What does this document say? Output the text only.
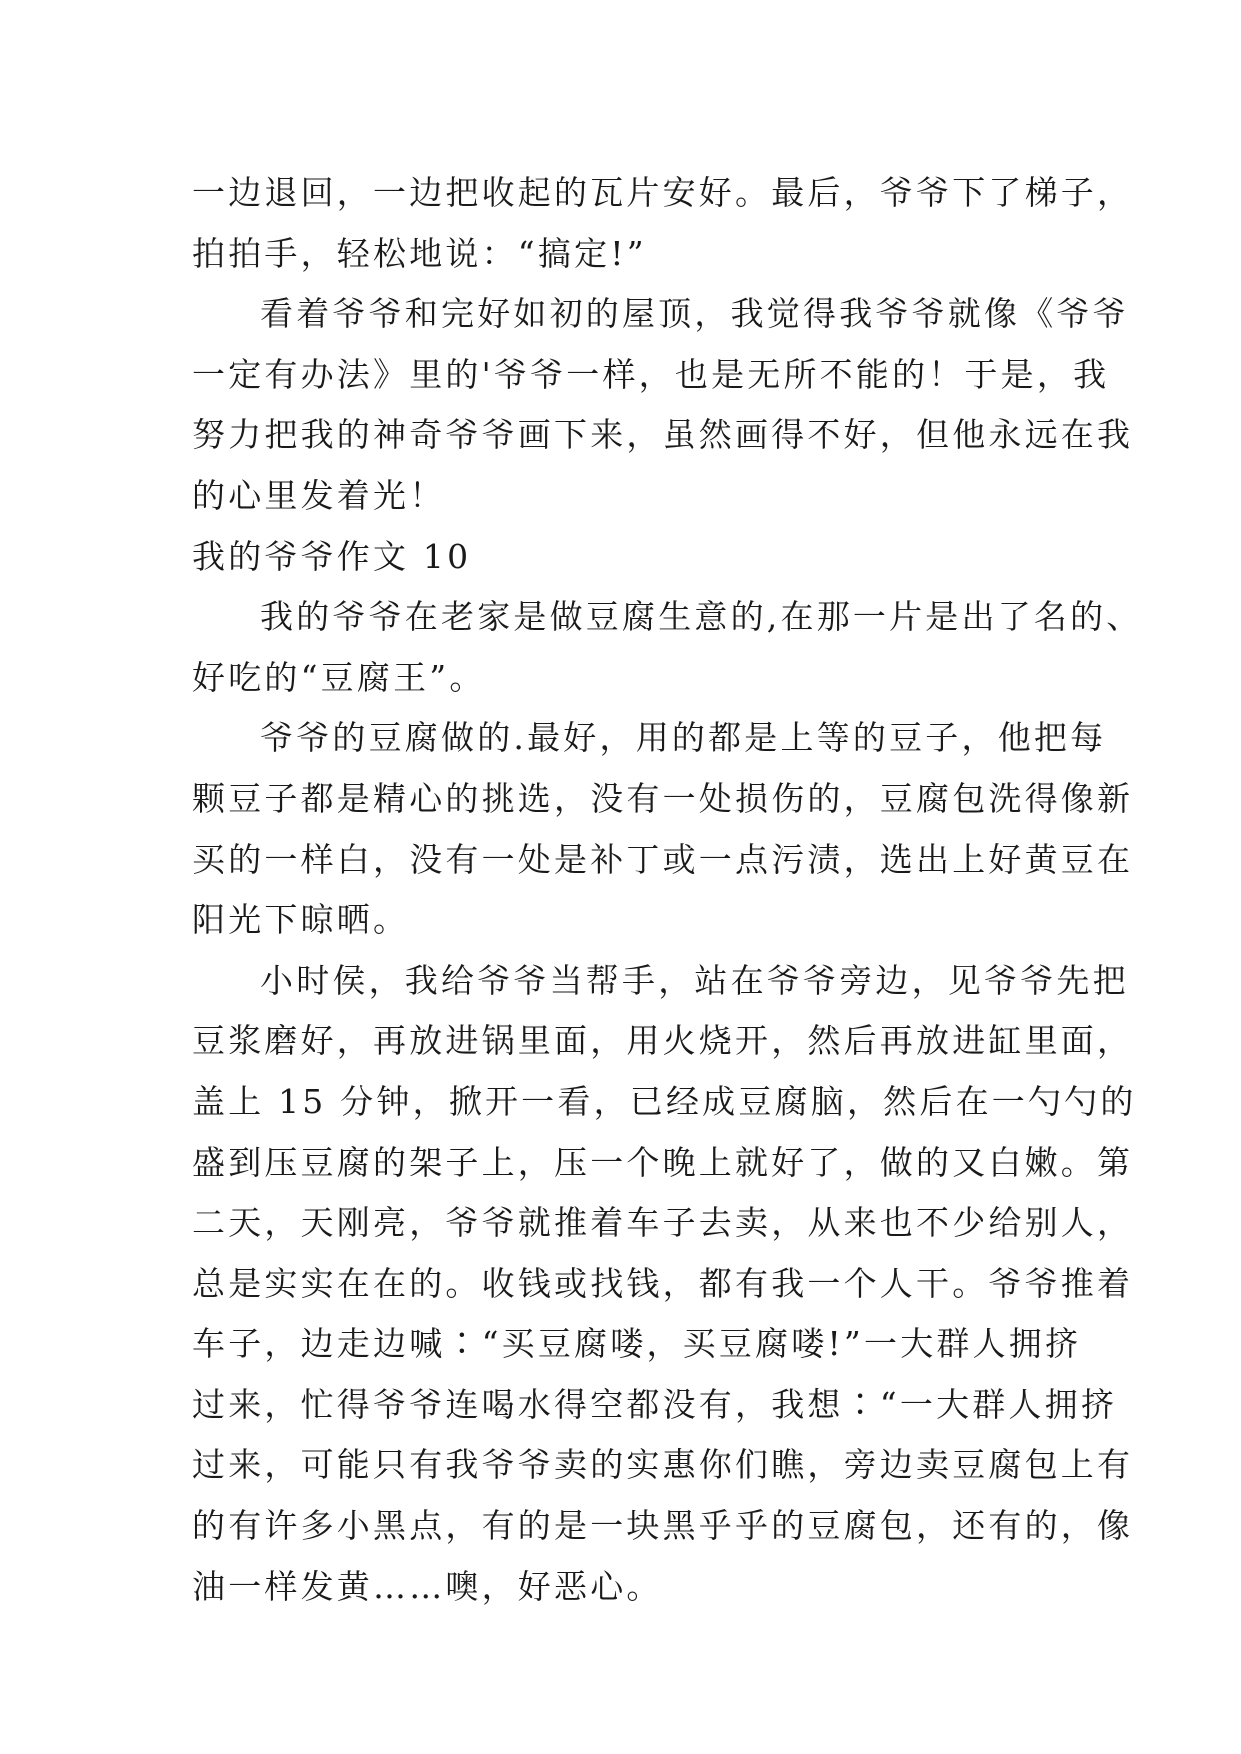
一边退回，一边把收起的瓦片安好。最后，爷爷下了梯子，
拍拍手，轻松地说：“搞定!”

看着爷爷和完好如初的屋顶，我觉得我爷爷就像《爷爷
一定有办法》里的'爷爷一样，也是无所不能的！于是，我
努力把我的神奇爷爷画下来，虽然画得不好，但他永远在我
的心里发着光！

我的爷爷作文 10

我的爷爷在老家是做豆腐生意的,在那一片是出了名的、
好吃的“豆腐王”。

爷爷的豆腐做的.最好，用的都是上等的豆子，他把每
颗豆子都是精心的挑选，没有一处损伤的，豆腐包洗得像新
买的一样白，没有一处是补丁或一点污渍，选出上好黄豆在
阳光下晾晒。

小时侯，我给爷爷当帮手，站在爷爷旁边，见爷爷先把
豆浆磨好，再放进锅里面，用火烧开，然后再放进缸里面，
盖上 15 分钟，掀开一看，已经成豆腐脑，然后在一勺勺的
盛到压豆腐的架子上，压一个晚上就好了，做的又白嫩。第
二天，天刚亮，爷爷就推着车子去卖，从来也不少给别人，
总是实实在在的。收钱或找钱，都有我一个人干。爷爷推着
车子，边走边喊∶“买豆腐喽，买豆腐喽!”一大群人拥挤
过来，忙得爷爷连喝水得空都没有，我想∶“一大群人拥挤
过来，可能只有我爷爷卖的实惠你们瞧，旁边卖豆腐包上有
的有许多小黑点，有的是一块黑乎乎的豆腐包，还有的，像
油一样发黄……噢，好恶心。
